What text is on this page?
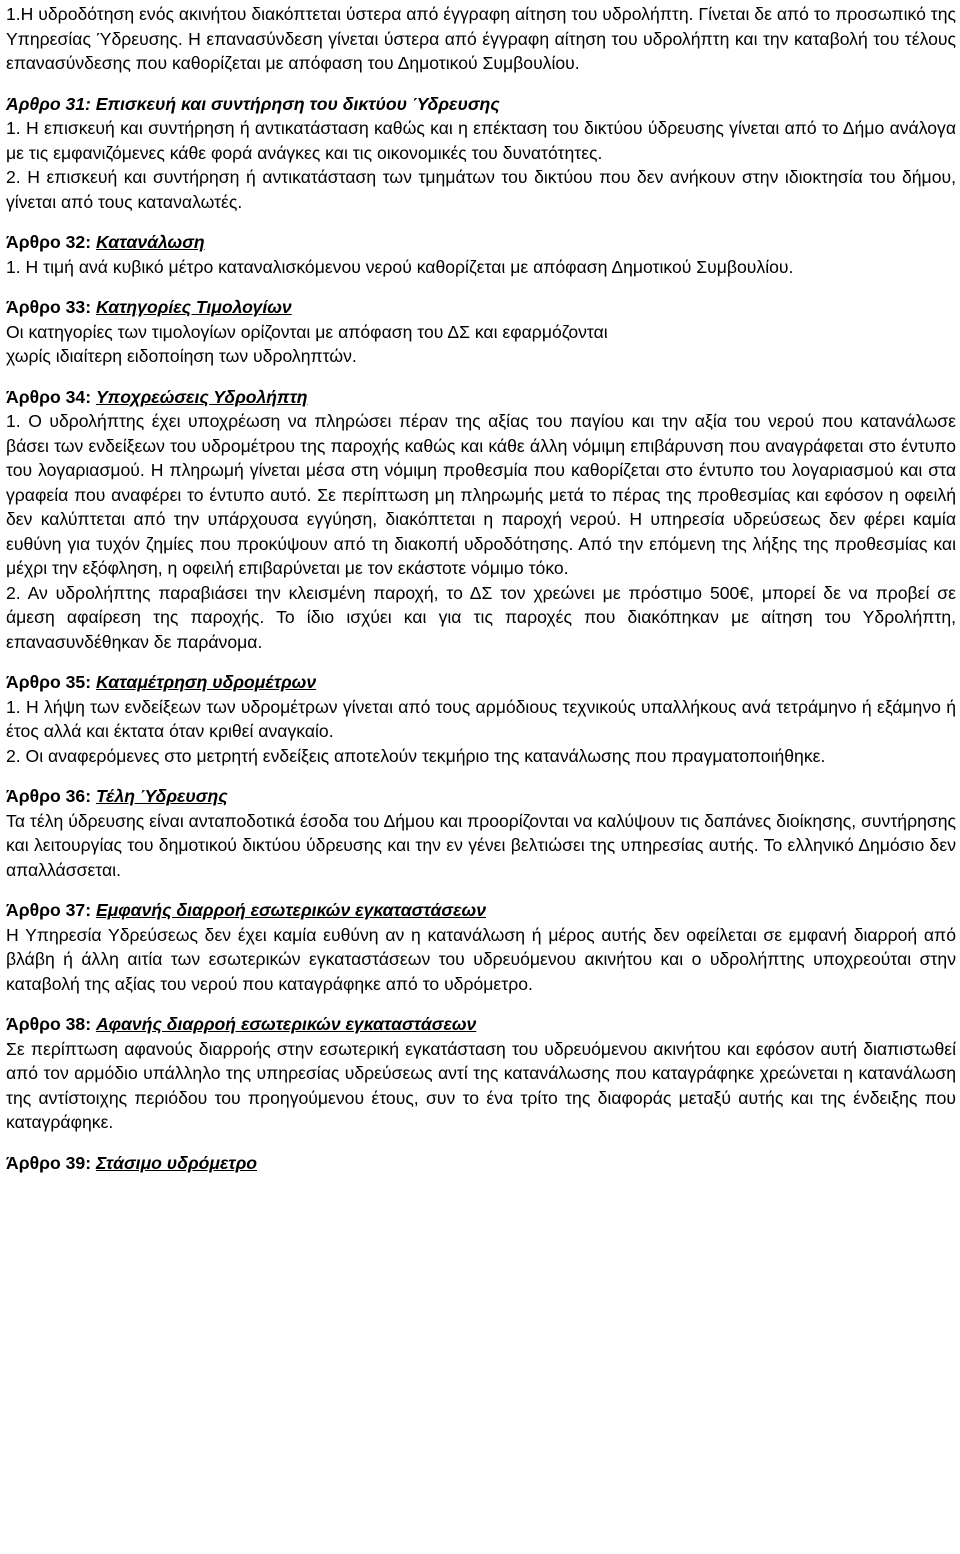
1.Η υδροδότηση ενός ακινήτου διακόπτεται ύστερα από έγγραφη αίτηση του υδρολήπτη. Γίνεται δε από το προσωπικό της Υπηρεσίας Ύδρευσης. Η επανασύνδεση γίνεται ύστερα από έγγραφη αίτηση του υδρολήπτη και την καταβολή του τέλους επανασύνδεσης που καθορίζεται με απόφαση του Δημοτικού Συμβουλίου.

Άρθρο 31: Επισκευή και συντήρηση του δικτύου Ύδρευσης

1. Η επισκευή και συντήρηση ή αντικατάσταση καθώς και η επέκταση του δικτύου ύδρευσης γίνεται από το Δήμο ανάλογα με τις εμφανιζόμενες κάθε φορά ανάγκες και τις οικονομικές του δυνατότητες.

2. Η επισκευή και συντήρηση ή αντικατάσταση των τμημάτων του δικτύου που δεν ανήκουν στην ιδιοκτησία του δήμου, γίνεται από τους καταναλωτές.

Άρθρο 32: Κατανάλωση

1. Η τιμή ανά κυβικό μέτρο καταναλισκόμενου νερού καθορίζεται με απόφαση Δημοτικού Συμβουλίου.

Άρθρο 33: Κατηγορίες Τιμολογίων

Οι κατηγορίες των τιμολογίων ορίζονται με απόφαση του ΔΣ και εφαρμόζονται

χωρίς ιδιαίτερη ειδοποίηση των υδροληπτών.

Άρθρο 34: Υποχρεώσεις Υδρολήπτη

1. Ο υδρολήπτης έχει υποχρέωση να πληρώσει πέραν της αξίας του παγίου και την αξία του νερού που κατανάλωσε βάσει των ενδείξεων του υδρομέτρου της παροχής καθώς και κάθε άλλη νόμιμη επιβάρυνση που αναγράφεται στο έντυπο του λογαριασμού. Η πληρωμή γίνεται μέσα στη νόμιμη προθεσμία που καθορίζεται στο έντυπο του λογαριασμού και στα γραφεία που αναφέρει το έντυπο αυτό. Σε περίπτωση μη πληρωμής μετά το πέρας της προθεσμίας και εφόσον η οφειλή δεν καλύπτεται από την υπάρχουσα εγγύηση, διακόπτεται η παροχή νερού. Η υπηρεσία υδρεύσεως δεν φέρει καμία ευθύνη για τυχόν ζημίες που προκύψουν από τη διακοπή υδροδότησης. Από την επόμενη της λήξης της προθεσμίας και μέχρι την εξόφληση, η οφειλή επιβαρύνεται με τον εκάστοτε νόμιμο τόκο.

2. Αν υδρολήπτης παραβιάσει την κλεισμένη παροχή, το ΔΣ τον χρεώνει με πρόστιμο 500€, μπορεί δε να προβεί σε άμεση αφαίρεση της παροχής. Το ίδιο ισχύει και για τις παροχές που διακόπηκαν με αίτηση του Υδρολήπτη, επανασυνδέθηκαν δε παράνομα.

Άρθρο 35: Καταμέτρηση υδρομέτρων

1. Η λήψη των ενδείξεων των υδρομέτρων γίνεται από τους αρμόδιους τεχνικούς υπαλλήκους ανά τετράμηνο ή εξάμηνο ή έτος αλλά και έκτατα όταν κριθεί αναγκαίο.

2. Οι αναφερόμενες στο μετρητή ενδείξεις αποτελούν τεκμήριο της κατανάλωσης που πραγματοποιήθηκε.

Άρθρο 36: Τέλη Ύδρευσης

Τα τέλη ύδρευσης είναι ανταποδοτικά έσοδα του Δήμου και προορίζονται να καλύψουν τις δαπάνες διοίκησης, συντήρησης και λειτουργίας του δημοτικού δικτύου ύδρευσης και την εν γένει βελτιώσει της υπηρεσίας αυτής. Το ελληνικό Δημόσιο δεν απαλλάσσεται.

Άρθρο 37: Εμφανής διαρροή εσωτερικών εγκαταστάσεων

Η Υπηρεσία Υδρεύσεως δεν έχει καμία ευθύνη αν η κατανάλωση ή μέρος αυτής δεν οφείλεται σε εμφανή διαρροή από βλάβη ή άλλη αιτία των εσωτερικών εγκαταστάσεων του υδρευόμενου ακινήτου και ο υδρολήπτης υποχρεούται στην καταβολή της αξίας του νερού που καταγράφηκε από το υδρόμετρο.

Άρθρο 38: Αφανής διαρροή εσωτερικών εγκαταστάσεων

Σε περίπτωση αφανούς διαρροής στην εσωτερική εγκατάσταση του υδρευόμενου ακινήτου και εφόσον αυτή διαπιστωθεί από τον αρμόδιο υπάλληλο της υπηρεσίας υδρεύσεως αντί της κατανάλωσης που καταγράφηκε χρεώνεται η κατανάλωση της αντίστοιχης περιόδου του προηγούμενου έτους, συν το ένα τρίτο της διαφοράς μεταξύ αυτής και της ένδειξης που καταγράφηκε.

Άρθρο 39: Στάσιμο υδρόμετρο
